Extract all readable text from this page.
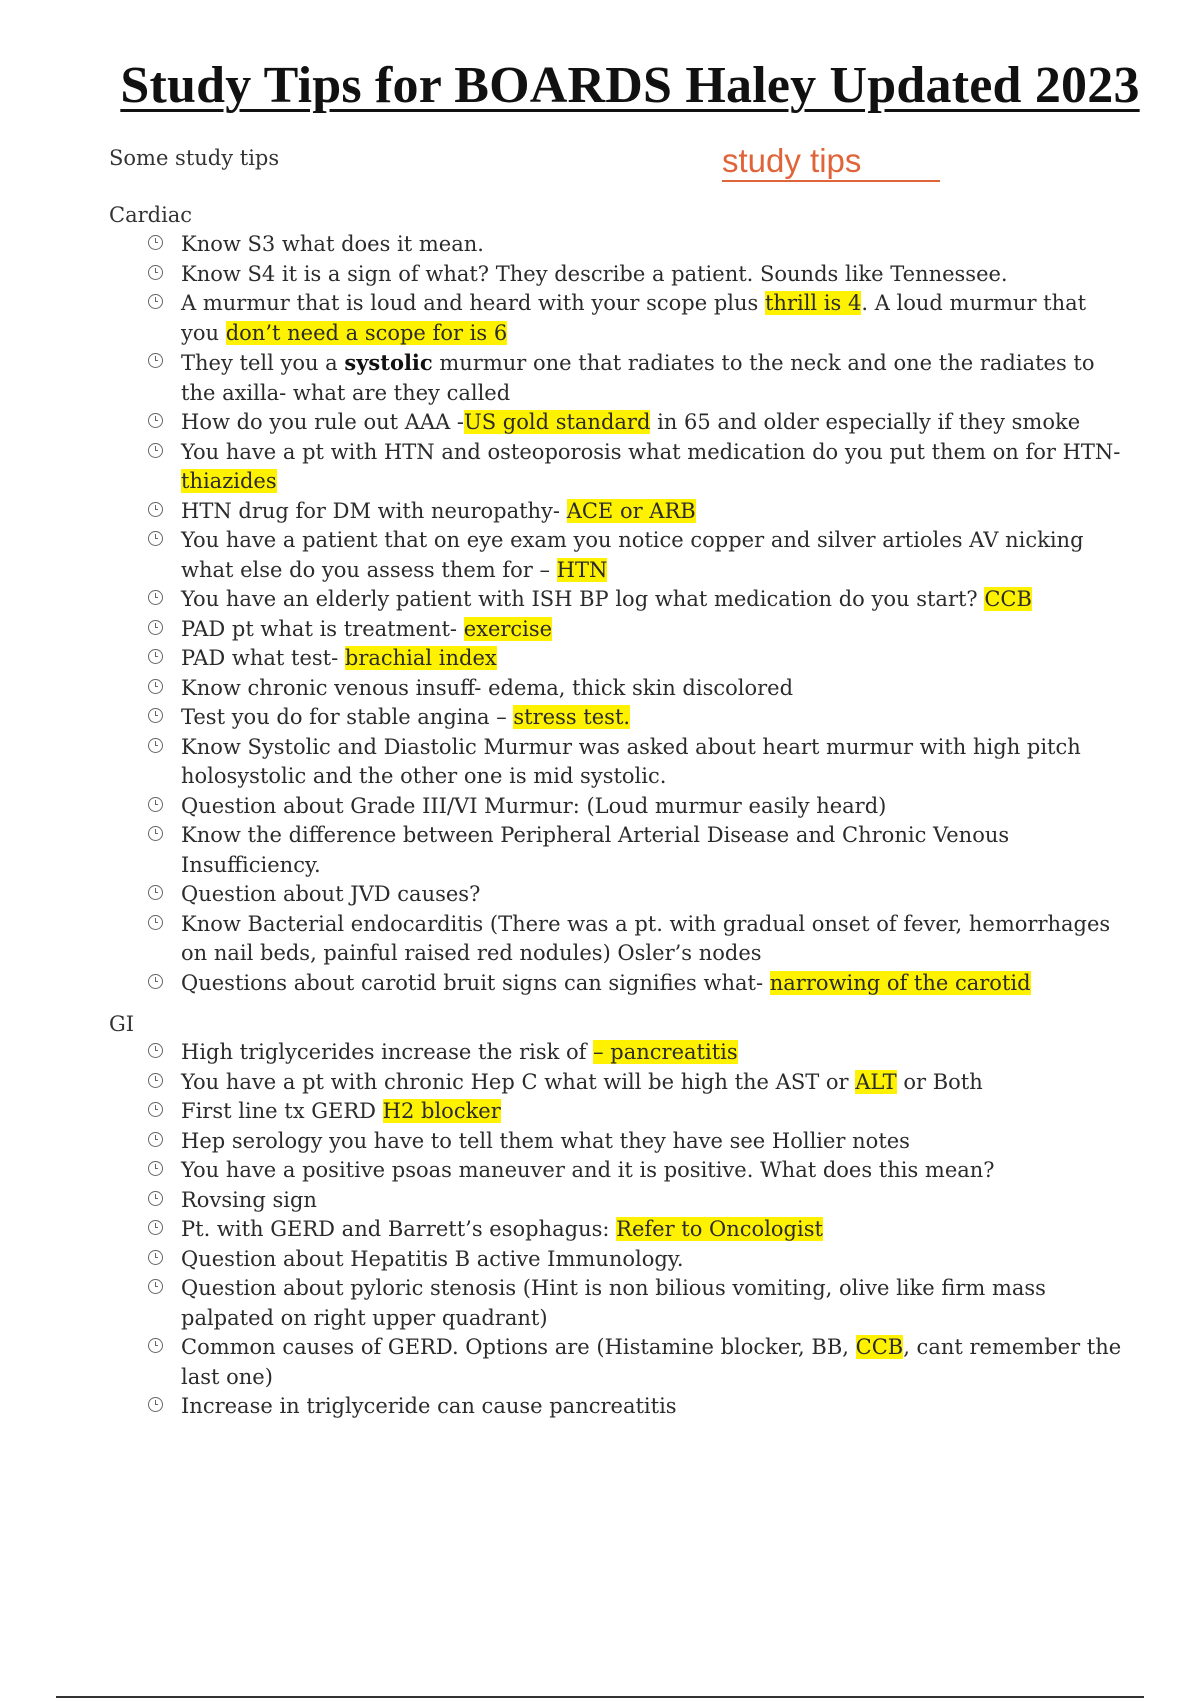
Study Tips for BOARDS Haley Updated 2023
Some study tips	study tips
Cardiac
Know S3 what does it mean.
Know S4 it is a sign of what? They describe a patient. Sounds like Tennessee.
A murmur that is loud and heard with your scope plus thrill is 4. A loud murmur that you don’t need a scope for is 6
They tell you a systolic murmur one that radiates to the neck and one the radiates to the axilla- what are they called
How do you rule out AAA -US gold standard in 65 and older especially if they smoke
You have a pt with HTN and osteoporosis what medication do you put them on for HTN- thiazides
HTN drug for DM with neuropathy- ACE or ARB
You have a patient that on eye exam you notice copper and silver artioles AV nicking what else do you assess them for – HTN
You have an elderly patient with ISH BP log what medication do you start? CCB
PAD pt what is treatment- exercise
PAD what test- brachial index
Know chronic venous insuff- edema, thick skin discolored
Test you do for stable angina – stress test.
Know Systolic and Diastolic Murmur was asked about heart murmur with high pitch holosystolic and the other one is mid systolic.
Question about Grade III/VI Murmur: (Loud murmur easily heard)
Know the difference between Peripheral Arterial Disease and Chronic Venous Insufficiency.
Question about JVD causes?
Know Bacterial endocarditis (There was a pt. with gradual onset of fever, hemorrhages on nail beds, painful raised red nodules) Osler’s nodes
Questions about carotid bruit signs can signifies what- narrowing of the carotid
GI
High triglycerides increase the risk of – pancreatitis
You have a pt with chronic Hep C what will be high the AST or ALT or Both
First line tx GERD H2 blocker
Hep serology you have to tell them what they have see Hollier notes
You have a positive psoas maneuver and it is positive. What does this mean?
Rovsing sign
Pt. with GERD and Barrett’s esophagus: Refer to Oncologist
Question about Hepatitis B active Immunology.
Question about pyloric stenosis (Hint is non bilious vomiting, olive like firm mass palpated on right upper quadrant)
Common causes of GERD. Options are (Histamine blocker, BB, CCB, cant remember the last one)
Increase in triglyceride can cause pancreatitis
